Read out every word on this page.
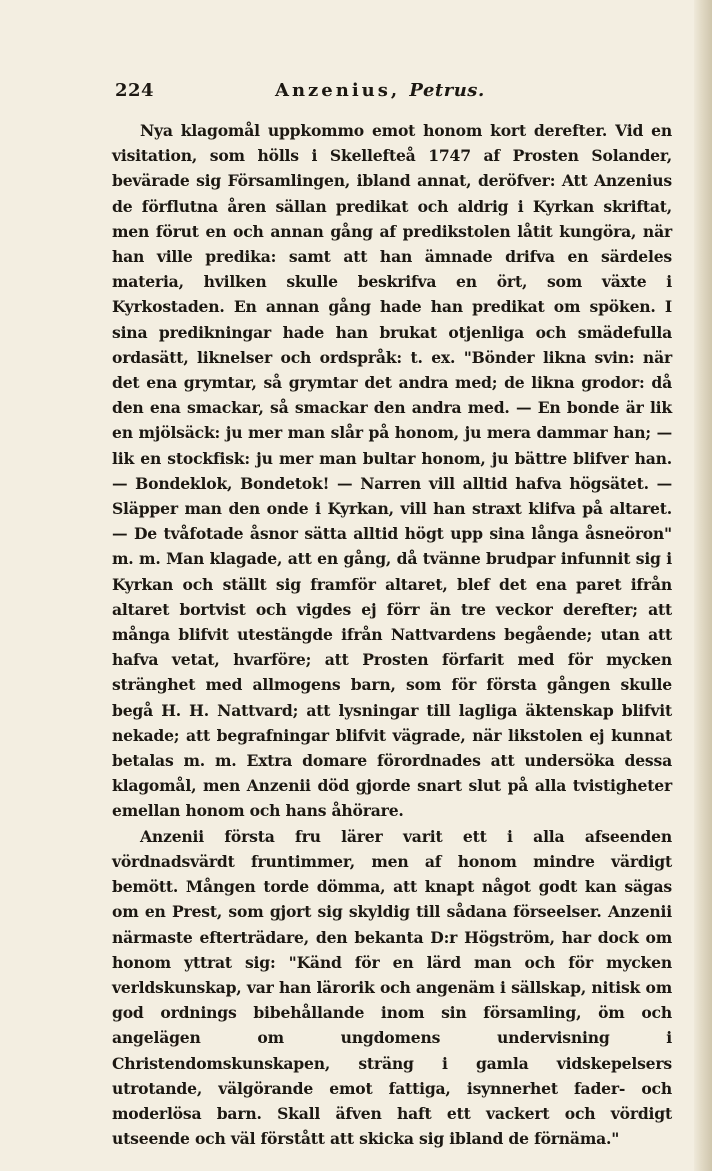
224	Anzenius, Petrus.

Nya klagomål uppkommo emot honom kort derefter. Vid en visitation, som hölls i Skellefteå 1747 af Prosten Solander, bevärade sig Församlingen, ibland annat, deröfver: Att Anzenius de förflutna åren sällan predikat och aldrig i Kyrkan skriftat, men förut en och annan gång af predikstolen låtit kungöra, när han ville predika: samt att han ämnade drifva en särdeles materia, hvilken skulle beskrifva en ört, som växte i Kyrkostaden. En annan gång hade han predikat om spöken. I sina predikningar hade han brukat otjenliga och smädefulla ordasätt, liknelser och ordspråk: t. ex. "Bönder likna svin: när det ena grymtar, så grymtar det andra med; de likna grodor: då den ena smackar, så smackar den andra med. — En bonde är lik en mjölsäck: ju mer man slår på honom, ju mera dammar han; — lik en stockfisk: ju mer man bultar honom, ju bättre blifver han. — Bondeklok, Bondetok! — Narren vill alltid hafva högsätet. — Släpper man den onde i Kyrkan, vill han straxt klifva på altaret. — De tvåfotade åsnor sätta alltid högt upp sina långa åsneöron" m. m. Man klagade, att en gång, då tvänne brudpar infunnit sig i Kyrkan och ställt sig framför altaret, blef det ena paret ifrån altaret bortvist och vigdes ej förr än tre veckor derefter; att många blifvit utestängde ifrån Nattvardens begående; utan att hafva vetat, hvarföre; att Prosten förfarit med för mycken stränghet med allmogens barn, som för första gången skulle begå H. H. Nattvard; att lysningar till lagliga äktenskap blifvit nekade; att begrafningar blifvit vägrade, när likstolen ej kunnat betalas m. m. Extra domare förordnades att undersöka dessa klagomål, men Anzenii död gjorde snart slut på alla tvistigheter emellan honom och hans åhörare.

Anzenii första fru lärer varit ett i alla afseenden vördnadsvärdt fruntimmer, men af honom mindre värdigt bemött. Mången torde dömma, att knapt något godt kan sägas om en Prest, som gjort sig skyldig till sådana förseelser. Anzenii närmaste efterträdare, den bekanta D:r Högström, har dock om honom yttrat sig: "Känd för en lärd man och för mycken verldskunskap, var han lärorik och angenäm i sällskap, nitisk om god ordnings bibehållande inom sin församling, öm och angelägen om ungdomens undervisning i Christendomskunskapen, sträng i gamla vidskepelsers utrotande, välgörande emot fattiga, isynnerhet fader- och moderlösa barn. Skall äfven haft ett vackert och vördigt utseende och väl förstått att skicka sig ibland de förnäma."
